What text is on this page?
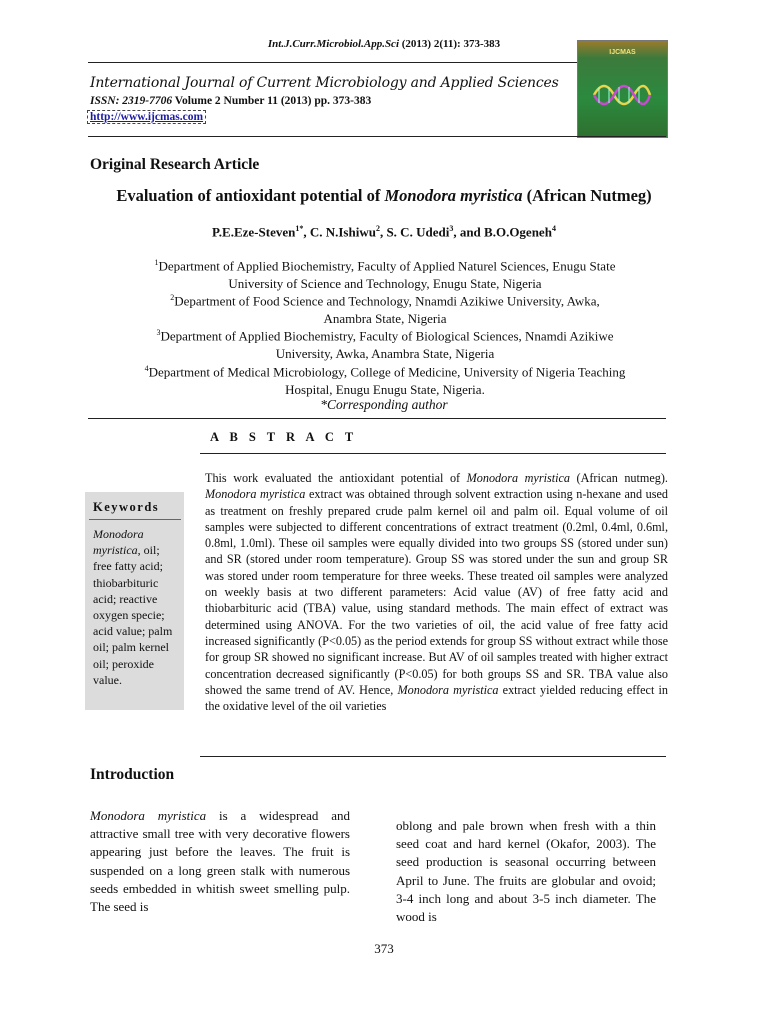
Int.J.Curr.Microbiol.App.Sci (2013) 2(11): 373-383
International Journal of Current Microbiology and Applied Sciences
ISSN: 2319-7706 Volume 2 Number 11 (2013) pp. 373-383
http://www.ijcmas.com
IJCMAS
Original Research Article
Evaluation of antioxidant potential of Monodora myristica (African Nutmeg)
P.E.Eze-Steven$^{1*}$, C. N.Ishiwu$^2$, S. C. Udedi$^3$, and B.O.Ogeneh$^4$
$^1$Department of Applied Biochemistry, Faculty of Applied Naturel Sciences, Enugu State
University of Science and Technology, Enugu State, Nigeria
$^2$Department of Food Science and Technology, Nnamdi Azikiwe University, Awka,
Anambra State, Nigeria
$^3$Department of Applied Biochemistry, Faculty of Biological Sciences, Nnamdi Azikiwe
University, Awka, Anambra State, Nigeria
$^4$Department of Medical Microbiology, College of Medicine, University of Nigeria Teaching
Hospital, Enugu Enugu State, Nigeria.
*Corresponding author
A B S T R A C T
Keywords
Monodora myristica, oil; free fatty acid; thiobarbituric acid; reactive oxygen specie; acid value; palm oil; palm kernel oil; peroxide value.
This work evaluated the antioxidant potential of Monodora myristica (African nutmeg). Monodora myristica extract was obtained through solvent extraction using n-hexane and used as treatment on freshly prepared crude palm kernel oil and palm oil. Equal volume of oil samples were subjected to different concentrations of extract treatment (0.2ml, 0.4ml, 0.6ml, 0.8ml, 1.0ml). These oil samples were equally divided into two groups SS (stored under sun) and SR (stored under room temperature). Group SS was stored under the sun and group SR was stored under room temperature for three weeks. These treated oil samples were analyzed on weekly basis at two different parameters: Acid value (AV) of free fatty acid and thiobarbituric acid (TBA) value, using standard methods. The main effect of extract was determined using ANOVA. For the two varieties of oil, the acid value of free fatty acid increased significantly (P<0.05) as the period extends for group SS without extract while those for group SR showed no significant increase. But AV of oil samples treated with higher extract concentration decreased significantly (P<0.05) for both groups SS and SR. TBA value also showed the same trend of AV. Hence, Monodora myristica extract yielded reducing effect in the oxidative level of the oil varieties
Introduction
Monodora myristica is a widespread and attractive small tree with very decorative flowers appearing just before the leaves. The fruit is suspended on a long green stalk with numerous seeds embedded in whitish sweet smelling pulp. The seed is
oblong and pale brown when fresh with a thin seed coat and hard kernel (Okafor, 2003). The seed production is seasonal occurring between April to June. The fruits are globular and ovoid; 3-4 inch long and about 3-5 inch diameter. The wood is
373
